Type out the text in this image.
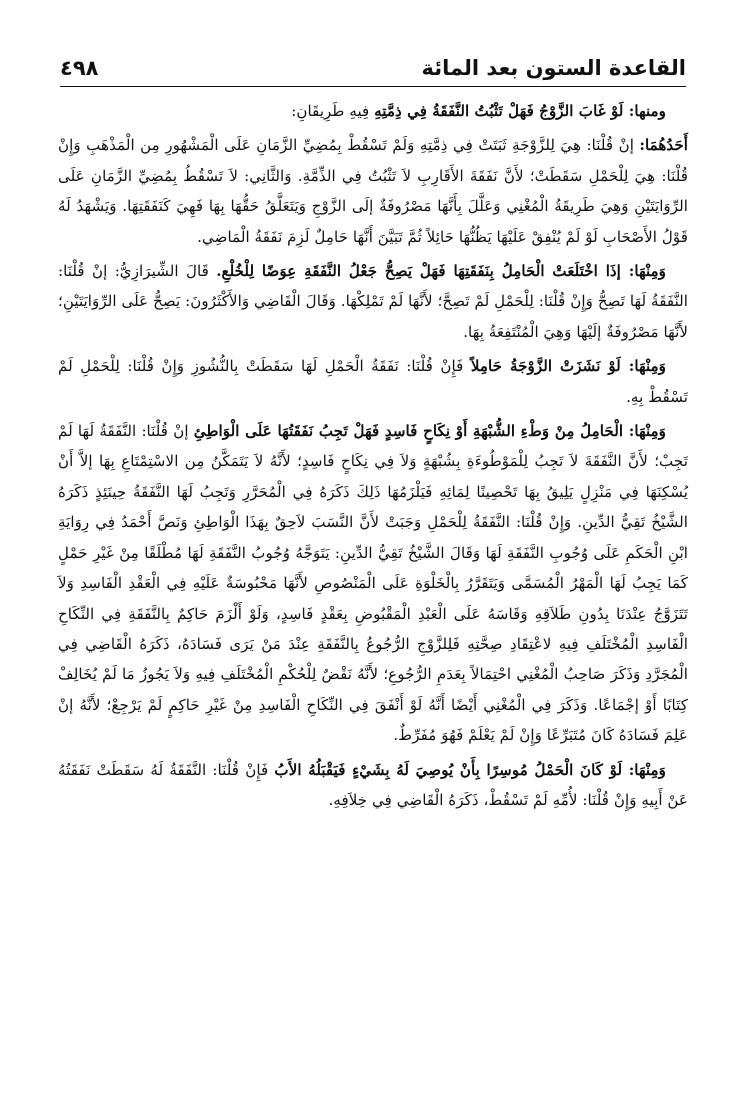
القاعدة الستون بعد المائة
٤٩٨

ومنها: لَوْ غَابَ الزَّوْجُ فَهَلْ تَثْبُتُ النَّفَقَةُ فِي ذِمَّتِهِ فِيهِ طَرِيقَانِ:

أَحَدُهُمَا: إنْ قُلْنَا: هِيَ لِلزَّوْجَةِ ثَبَتَتْ فِي ذِمَّتِهِ وَلَمْ تَسْقُطْ بِمُضِيِّ الزَّمَانِ عَلَى الْمَشْهُورِ مِن الْمَذْهَبِ وَإِنْ قُلْنَا: هِيَ لِلْحَمْلِ سَقَطَتْ؛ لأَنَّ نَفَقَةَ الأَقَارِبِ لاَ تَثْبُتُ فِي الذِّمَّةِ. وَالثَّانِي: لاَ تَسْقُطُ بِمُضِيِّ الزَّمَانِ عَلَى الرِّوَايَتَيْنِ وَهِيَ طَرِيقَةُ الْمُغْنِي وَعَلَّلَ بِأَنَّهَا مَصْرُوفَةٌ إلَى الزَّوْجِ وَيَتَعَلَّقُ حَقُّهَا بِهَا فَهِيَ كَنَفَقَتِهَا. وَيَشْهَدُ لَهُ قَوْلُ الأَصْحَابِ لَوْ لَمْ يُنْفِقْ عَلَيْهَا يَظُنُّهَا حَائِلاً ثُمَّ تَبَيَّنَ أَنَّهَا حَامِلٌ لَزِمَ نَفَقَةُ الْمَاضِي.

وَمِنْهَا: إذَا اخْتَلَعَتْ الْحَامِلُ بِنَفَقَتِهَا فَهَلْ يَصِحُّ جَعْلُ النَّفَقَةِ عِوَضًا لِلْخُلْعِ. قَالَ الشِّيرَازِيُّ: إنْ قُلْنَا: النَّفَقَةُ لَهَا تَصِحُّ وَإِنْ قُلْنَا: لِلْحَمْلِ لَمْ تَصِحَّ؛ لأَنَّهَا لَمْ تَمْلِكْهَا. وَقَالَ الْقَاضِي وَالأَكْثَرُونَ: يَصِحُّ عَلَى الرِّوَايَتَيْنِ؛ لأَنَّهَا مَصْرُوفَةٌ إلَيْهَا وَهِيَ الْمُنْتَفِعَةُ بِهَا.

وَمِنْهَا: لَوْ نَشَزَتْ الزَّوْجَةُ حَامِلاً فَإِنْ قُلْنَا: نَفَقَةُ الْحَمْلِ لَهَا سَقَطَتْ بِالنُّشُوزِ وَإِنْ قُلْنَا: لِلْحَمْلِ لَمْ تَسْقُطْ بِهِ.

وَمِنْهَا: الْحَامِلُ مِنْ وَطْءِ الشُّبْهَةِ أَوْ نِكَاحٍ فَاسِدٍ فَهَلْ تَجِبُ نَفَقَتُهَا عَلَى الْوَاطِئِ إنْ قُلْنَا: النَّفَقَةُ لَهَا لَمْ تَجِبْ؛ لأَنَّ النَّفَقَةَ لاَ تَجِبُ لِلْمَوْطُوءَةِ بِشُبْهَةٍ وَلاَ فِي نِكَاحٍ فَاسِدٍ؛ لأَنَّهُ لاَ يَتَمَكَّنُ مِن الاسْتِمْتَاعِ بِهَا إلاَّ أَنْ يُسْكِنَهَا فِي مَنْزِلٍ يَلِيقُ بِهَا تَحْصِينًا لِمَائِهِ فَيَلْزَمُهَا ذَلِكَ ذَكَرَهُ فِي الْمُحَرَّرِ وَتَجِبُ لَهَا النَّفَقَةُ حِينَئِذٍ ذَكَرَهُ الشَّيْخُ تَقِيُّ الدِّينِ. وَإِنْ قُلْنَا: النَّفَقَةُ لِلْحَمْلِ وَجَبَتْ لأَنَّ النَّسَبَ لاَحِقٌ بِهَذَا الْوَاطِئِ وَنَصَّ أَحْمَدُ فِي رِوَايَةِ ابْنِ الْحَكَمِ عَلَى وُجُوبِ النَّفَقَةِ لَهَا وَقَالَ الشَّيْخُ تَقِيُّ الدِّينِ: يَتَوَجَّهُ وُجُوبُ النَّفَقَةِ لَهَا مُطْلَقًا مِنْ غَيْرِ حَمْلٍ كَمَا يَجِبُ لَهَا الْمَهْرُ الْمُسَمَّى وَيَتَقَرَّرُ بِالْخَلْوَةِ عَلَى الْمَنْصُوصِ لأَنَّهَا مَحْبُوسَةٌ عَلَيْهِ فِي الْعَقْدِ الْفَاسِدِ وَلاَ تَتَزَوَّجُ عِنْدَنَا بِدُونِ طَلاَقِهِ وَقَاسَهُ عَلَى الْعَبْدِ الْمَقْبُوضِ بِعَقْدٍ فَاسِدٍ، وَلَوْ أَلْزَمَ حَاكِمٌ بِالنَّفَقَةِ فِي النِّكَاحِ الْفَاسِدِ الْمُخْتَلَفِ فِيهِ لاعْتِقَادِ صِحَّتِهِ فَلِلزَّوْجِ الرُّجُوعُ بِالنَّفَقَةِ عِنْدَ مَنْ يَرَى فَسَادَهُ، ذَكَرَهُ الْقَاضِي فِي الْمُجَرَّدِ وَذَكَرَ صَاحِبُ الْمُغْنِي احْتِمَالاً بِعَدَمِ الرُّجُوعِ؛ لأَنَّهُ نَقْضٌ لِلْحُكْمِ الْمُخْتَلَفِ فِيهِ وَلاَ يَجُوزُ مَا لَمْ يُخَالِفْ كِتَابًا أَوْ إجْمَاعًا. وَذَكَرَ فِي الْمُغْنِي أَيْضًا أَنَّهُ لَوْ أَنْفَقَ فِي النِّكَاحِ الْفَاسِدِ مِنْ غَيْرِ حَاكِمٍ لَمْ يَرْجِعْ؛ لأَنَّهُ إنْ عَلِمَ فَسَادَهُ كَانَ مُتَبَرِّعًا وَإِنْ لَمْ يَعْلَمْ فَهُوَ مُفَرِّطٌ.

وَمِنْهَا: لَوْ كَانَ الْحَمْلُ مُوسِرًا بِأَنْ يُوصِيَ لَهُ بِشَيْءٍ فَيَقْبَلُهُ الأَبُ فَإِنْ قُلْنَا: النَّفَقَةُ لَهُ سَقَطَتْ نَفَقَتُهُ عَنْ أَبِيهِ وَإِنْ قُلْنَا: لأُمِّهِ لَمْ تَسْقُطْ، ذَكَرَهُ الْقَاضِي فِي خِلاَفِهِ.
